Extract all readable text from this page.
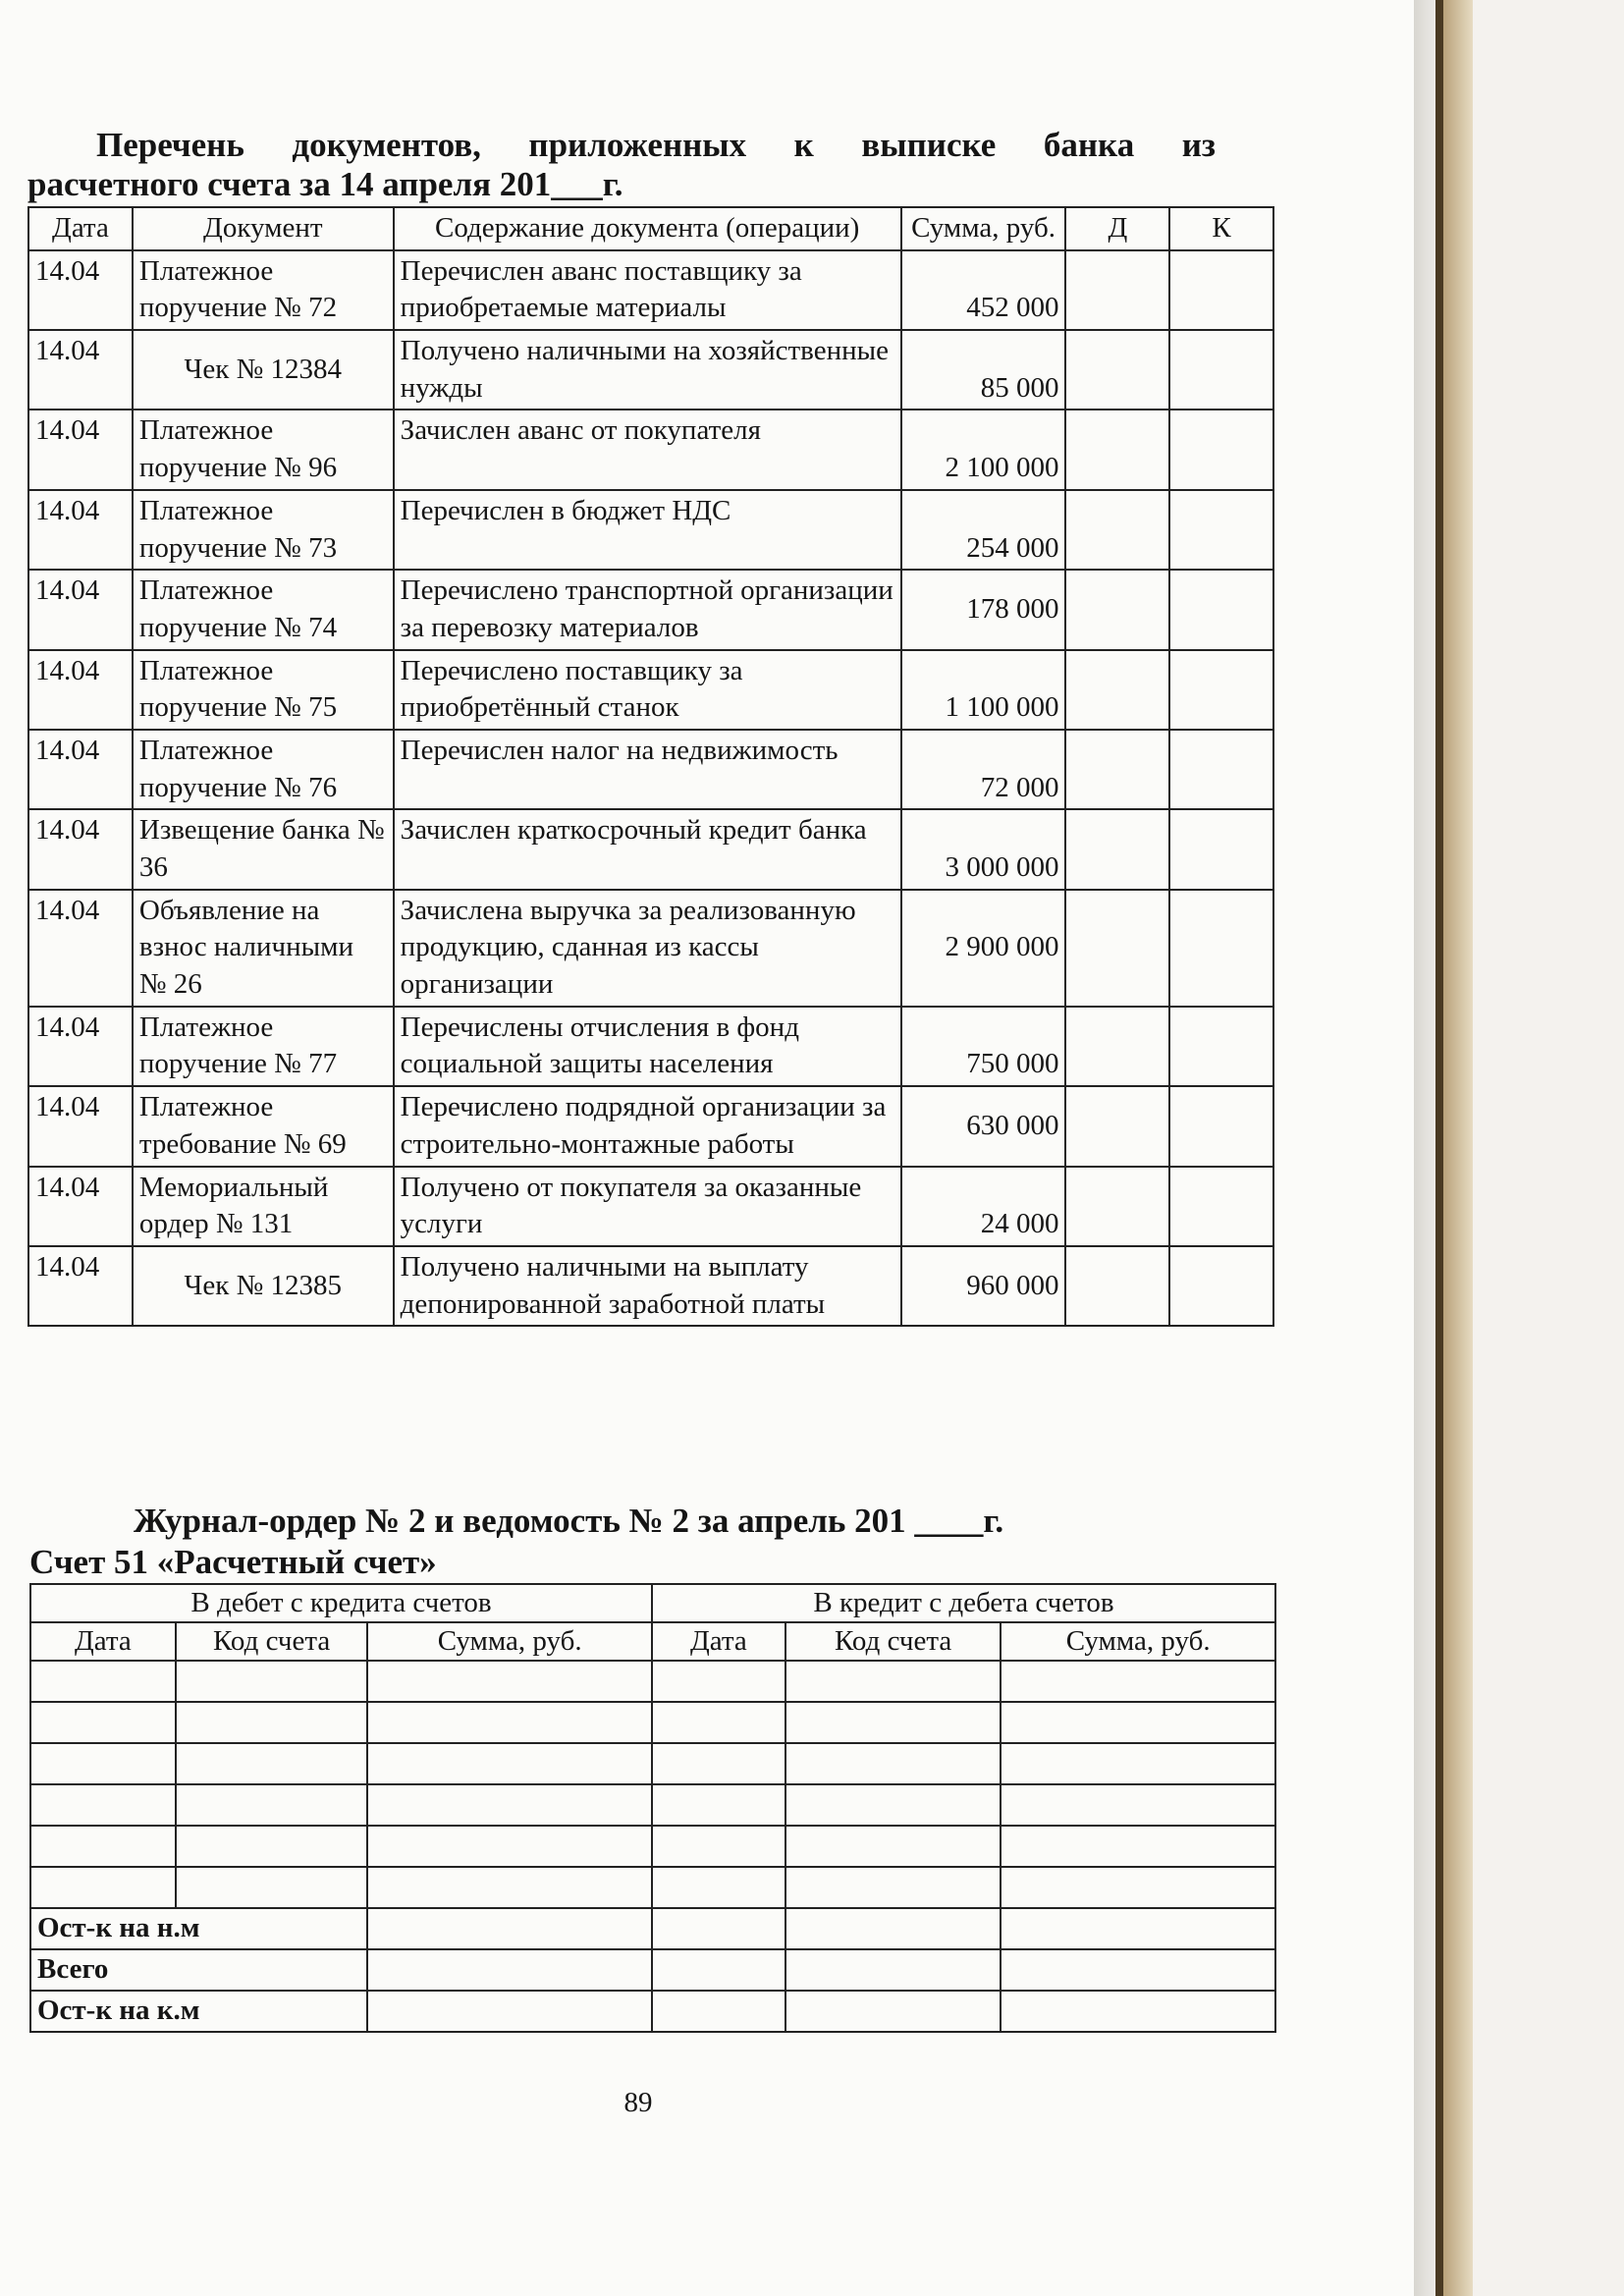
Перечень документов, приложенных к выписке банка из
расчетного счета за 14 апреля 201___г.
Дата	Документ	Содержание документа (операции)	Сумма, руб.	Д	К
14.04	Платежное поручение № 72	Перечислен аванс поставщику за приобретаемые материалы	452 000		
14.04	Чек № 12384	Получено наличными на хозяйственные нужды	85 000		
14.04	Платежное поручение № 96	Зачислен аванс от покупателя	2 100 000		
14.04	Платежное поручение № 73	Перечислен в бюджет НДС	254 000		
14.04	Платежное поручение № 74	Перечислено транспортной организации за перевозку материалов	178 000		
14.04	Платежное поручение № 75	Перечислено поставщику за приобретённый станок	1 100 000		
14.04	Платежное поручение № 76	Перечислен налог на недвижимость	72 000		
14.04	Извещение банка № 36	Зачислен краткосрочный кредит банка	3 000 000		
14.04	Объявление на взнос наличными № 26	Зачислена выручка за реализованную продукцию, сданная из кассы организации	2 900 000		
14.04	Платежное поручение № 77	Перечислены отчисления в фонд социальной защиты населения	750 000		
14.04	Платежное требование № 69	Перечислено подрядной организации за строительно-монтажные работы	630 000		
14.04	Мемориальный ордер № 131	Получено от покупателя за оказанные услуги	24 000		
14.04	Чек № 12385	Получено наличными на выплату депонированной заработной платы	960 000		
Журнал-ордер № 2 и ведомость № 2 за апрель 201 ____г.
Счет 51 «Расчетный счет»
В дебет с кредита счетов			В кредит с дебета счетов		
Дата	Код счета	Сумма, руб.	Дата	Код счета	Сумма, руб.

Ост-к на н.м					
Всего					
Ост-к на к.м					
89
